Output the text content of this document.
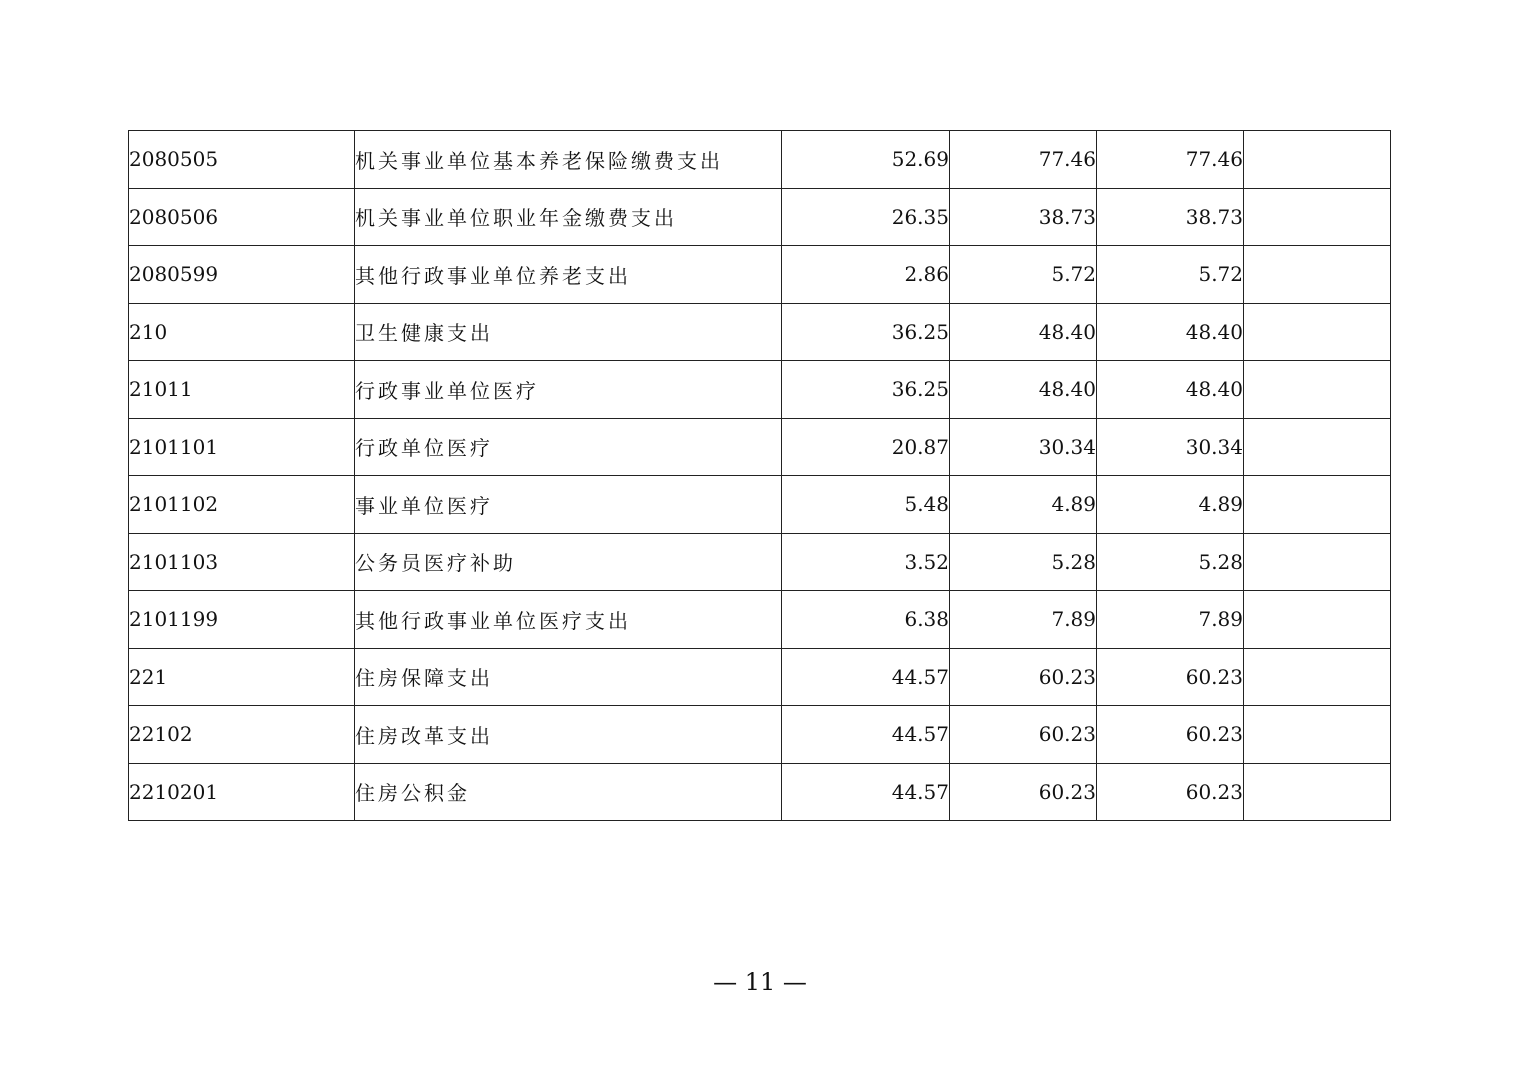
2080505	机关事业单位基本养老保险缴费支出	52.69	77.46	77.46	
2080506	机关事业单位职业年金缴费支出	26.35	38.73	38.73	
2080599	其他行政事业单位养老支出	2.86	5.72	5.72	
210	卫生健康支出	36.25	48.40	48.40	
21011	行政事业单位医疗	36.25	48.40	48.40	
2101101	行政单位医疗	20.87	30.34	30.34	
2101102	事业单位医疗	5.48	4.89	4.89	
2101103	公务员医疗补助	3.52	5.28	5.28	
2101199	其他行政事业单位医疗支出	6.38	7.89	7.89	
221	住房保障支出	44.57	60.23	60.23	
22102	住房改革支出	44.57	60.23	60.23	
2210201	住房公积金	44.57	60.23	60.23	
— 11 —
